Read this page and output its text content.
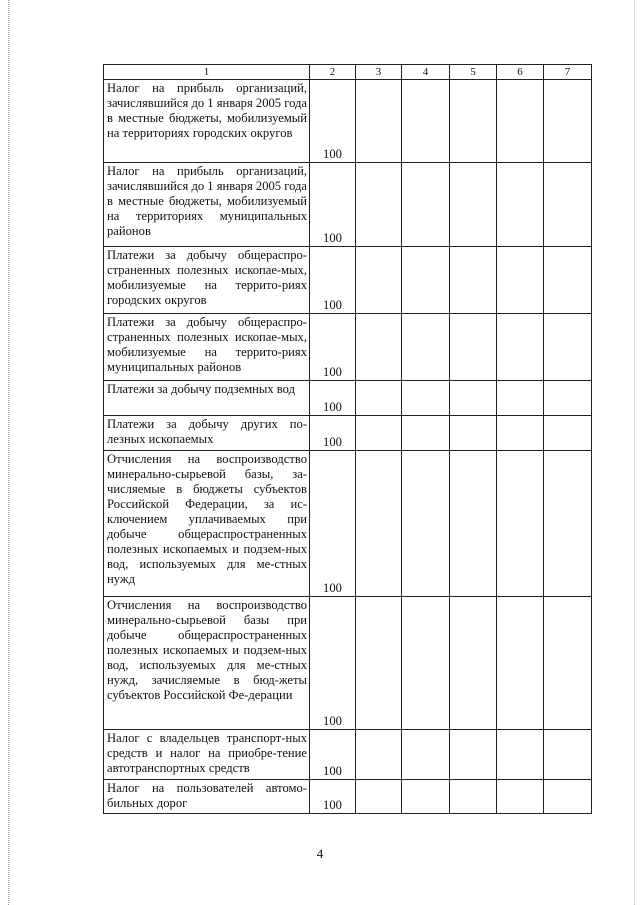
1	2	3	4	5	6	7
Налог на прибыль организаций, зачислявшийся до 1 января 2005 года в местные бюджеты, мобилизуемый на территориях городских округов	100					
Налог на прибыль организаций, зачислявшийся до 1 января 2005 года в местные бюджеты, мобилизуемый на территориях муниципальных районов	100					
Платежи за добычу общераспро-страненных полезных ископае-мых, мобилизуемые на террито-риях городских округов	100					
Платежи за добычу общераспро-страненных полезных ископае-мых, мобилизуемые на террито-риях муниципальных районов	100					
Платежи за добычу подземных вод	100					
Платежи за добычу других по-лезных ископаемых	100					
Отчисления на воспроизводство минерально-сырьевой базы, за-числяемые в бюджеты субъектов Российской Федерации, за ис-ключением уплачиваемых при добыче общераспространенных полезных ископаемых и подзем-ных вод, используемых для ме-стных нужд	100					
Отчисления на воспроизводство минерально-сырьевой базы при добыче общераспространенных полезных ископаемых и подзем-ных вод, используемых для ме-стных нужд, зачисляемые в бюд-жеты субъектов Российской Фе-дерации	100					
Налог с владельцев транспорт-ных средств и налог на приобре-тение автотранспортных средств	100					
Налог на пользователей автомо-бильных дорог	100					
4
